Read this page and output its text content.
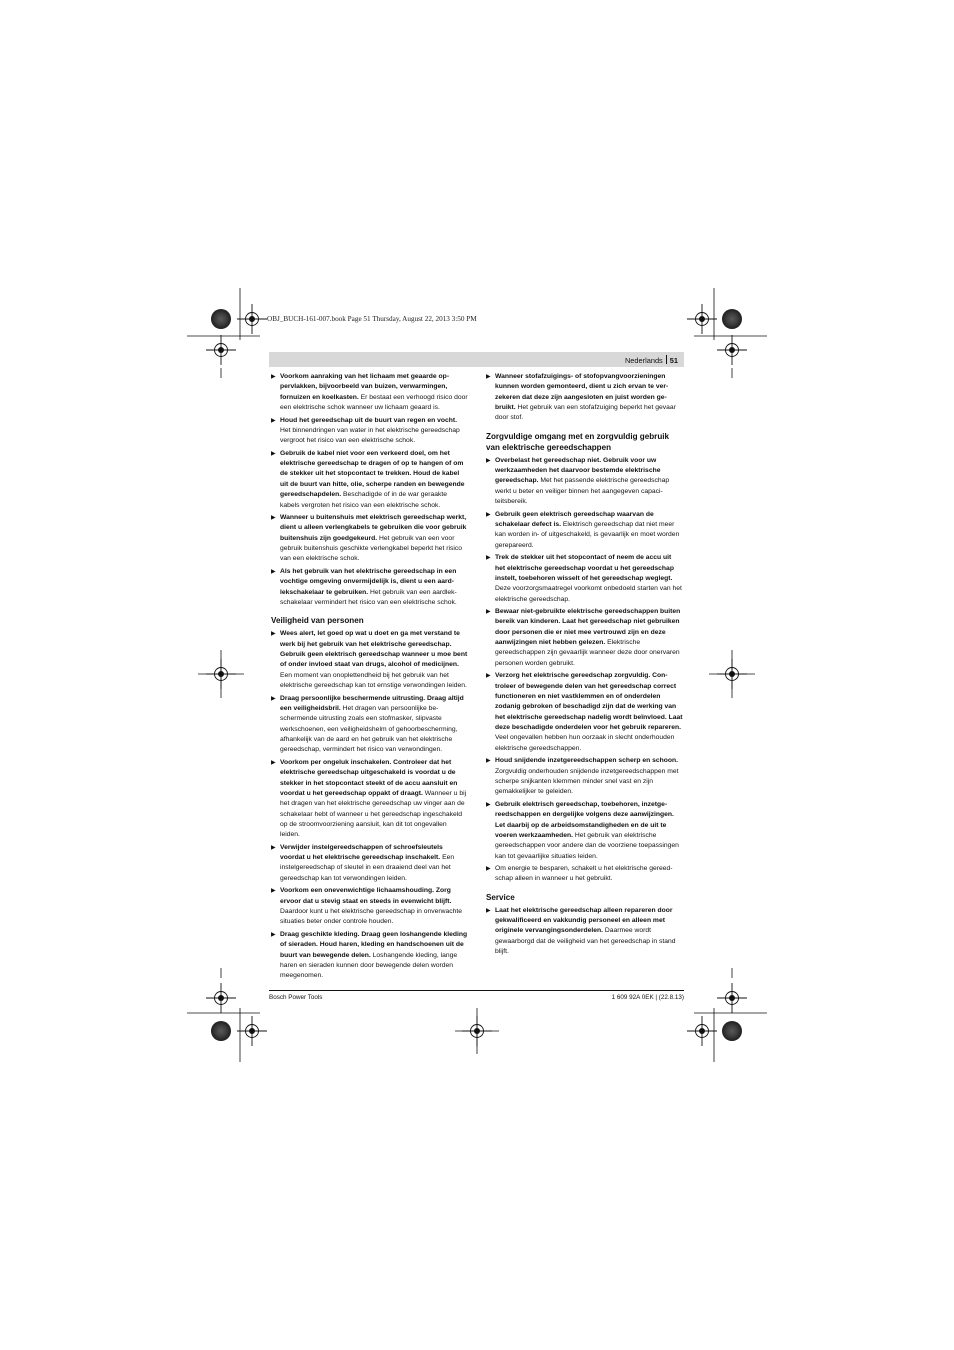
OBJ_BUCH-161-007.book Page 51 Thursday, August 22, 2013 3:50 PM
Nederlands 51
▶ Voorkom aanraking van het lichaam met geaarde oppervlakken, bijvoorbeeld van buizen, verwarmingen, fornuizen en koelkasten. Er bestaat een verhoogd risico door een elektrische schok wanneer uw lichaam geaard is.
▶ Houd het gereedschap uit de buurt van regen en vocht. Het binnendringen van water in het elektrische gereedschap vergroot het risico van een elektrische schok.
▶ Gebruik de kabel niet voor een verkeerd doel, om het elektrische gereedschap te dragen of op te hangen of om de stekker uit het stopcontact te trekken. Houd de kabel uit de buurt van hitte, olie, scherpe randen en bewegende gereedschapdelen. Beschadigde of in de war geraakte kabels vergroten het risico van een elektrische schok.
▶ Wanneer u buitenshuis met elektrisch gereedschap werkt, dient u alleen verlengkabels te gebruiken die voor gebruik buitenshuis zijn goedgekeurd. Het gebruik van een voor gebruik buitenshuis geschikte verlengkabel beperkt het risico van een elektrische schok.
▶ Als het gebruik van het elektrische gereedschap in een vochtige omgeving onvermijdelijk is, dient u een aardlekschakelaar te gebruiken. Het gebruik van een aardlekschakelaar vermindert het risico van een elektrische schok.
Veiligheid van personen
▶ Wees alert, let goed op wat u doet en ga met verstand te werk bij het gebruik van het elektrische gereedschap. Gebruik geen elektrisch gereedschap wanneer u moe bent of onder invloed staat van drugs, alcohol of medicijnen. Een moment van onoplettendheid bij het gebruik van het elektrische gereedschap kan tot ernstige verwondingen leiden.
▶ Draag persoonlijke beschermende uitrusting. Draag altijd een veiligheidsbril. Het dragen van persoonlijke beschermende uitrusting zoals een stofmasker, slipvaste werkschoenen, een veiligheidshelm of gehoorbescherming, afhankelijk van de aard en het gebruik van het elektrische gereedschap, vermindert het risico van verwondingen.
▶ Voorkom per ongeluk inschakelen. Controleer dat het elektrische gereedschap uitgeschakeld is voordat u de stekker in het stopcontact steekt of de accu aansluit en voordat u het gereedschap oppakt of draagt. Wanneer u bij het dragen van het elektrische gereedschap uw vinger aan de schakelaar hebt of wanneer u het gereedschap ingeschakeld op de stroomvoorziening aansluit, kan dit tot ongevallen leiden.
▶ Verwijder instelgereedschappen of schroefsleutels voordat u het elektrische gereedschap inschakelt. Een instelgereedschap of sleutel in een draaiend deel van het gereedschap kan tot verwondingen leiden.
▶ Voorkom een onevenwichtige lichaamshouding. Zorg ervoor dat u stevig staat en steeds in evenwicht blijft. Daardoor kunt u het elektrische gereedschap in onverwachte situaties beter onder controle houden.
▶ Draag geschikte kleding. Draag geen loshangende kleding of sieraden. Houd haren, kleding en handschoenen uit de buurt van bewegende delen. Loshangende kleding, lange haren en sieraden kunnen door bewegende delen worden meegenomen.
▶ Wanneer stofafzuigings- of stofopvangvoorzieningen kunnen worden gemonteerd, dient u zich ervan te verzekeren dat deze zijn aangesloten en juist worden gebruikt. Het gebruik van een stofafzuiging beperkt het gevaar door stof.
Zorgvuldige omgang met en zorgvuldig gebruik van elektrische gereedschappen
▶ Overbelast het gereedschap niet. Gebruik voor uw werkzaamheden het daarvoor bestemde elektrische gereedschap. Met het passende elektrische gereedschap werkt u beter en veiliger binnen het aangegeven capaciteitsbereik.
▶ Gebruik geen elektrisch gereedschap waarvan de schakelaar defect is. Elektrisch gereedschap dat niet meer kan worden in- of uitgeschakeld, is gevaarlijk en moet worden gerepareerd.
▶ Trek de stekker uit het stopcontact of neem de accu uit het elektrische gereedschap voordat u het gereedschap instelt, toebehoren wisselt of het gereedschap weglegt. Deze voorzorgsmaatregel voorkomt onbedoeld starten van het elektrische gereedschap.
▶ Bewaar niet-gebruikte elektrische gereedschappen buiten bereik van kinderen. Laat het gereedschap niet gebruiken door personen die er niet mee vertrouwd zijn en deze aanwijzingen niet hebben gelezen. Elektrische gereedschappen zijn gevaarlijk wanneer deze door onervaren personen worden gebruikt.
▶ Verzorg het elektrische gereedschap zorgvuldig. Controleer of bewegende delen van het gereedschap correct functioneren en niet vastklemmen en of onderdelen zodanig gebroken of beschadigd zijn dat de werking van het elektrische gereedschap nadelig wordt beïnvloed. Laat deze beschadigde onderdelen voor het gebruik repareren. Veel ongevallen hebben hun oorzaak in slecht onderhouden elektrische gereedschappen.
▶ Houd snijdende inzetgereedschappen scherp en schoon. Zorgvuldig onderhouden snijdende inzetgereedschappen met scherpe snijkanten klemmen minder snel vast en zijn gemakkelijker te geleiden.
▶ Gebruik elektrisch gereedschap, toebehoren, inzetgereedschappen en dergelijke volgens deze aanwijzingen. Let daarbij op de arbeidsomstandigheden en de uit te voeren werkzaamheden. Het gebruik van elektrische gereedschappen voor andere dan de voorziene toepassingen kan tot gevaarlijke situaties leiden.
▶ Om energie te besparen, schakelt u het elektrische gereedschap alleen in wanneer u het gebruikt.
Service
▶ Laat het elektrische gereedschap alleen repareren door gekwalificeerd en vakkundig personeel en alleen met originele vervangingsonderdelen. Daarmee wordt gewaarborgd dat de veiligheid van het gereedschap in stand blijft.
Bosch Power Tools	1 609 92A 0EK | (22.8.13)
